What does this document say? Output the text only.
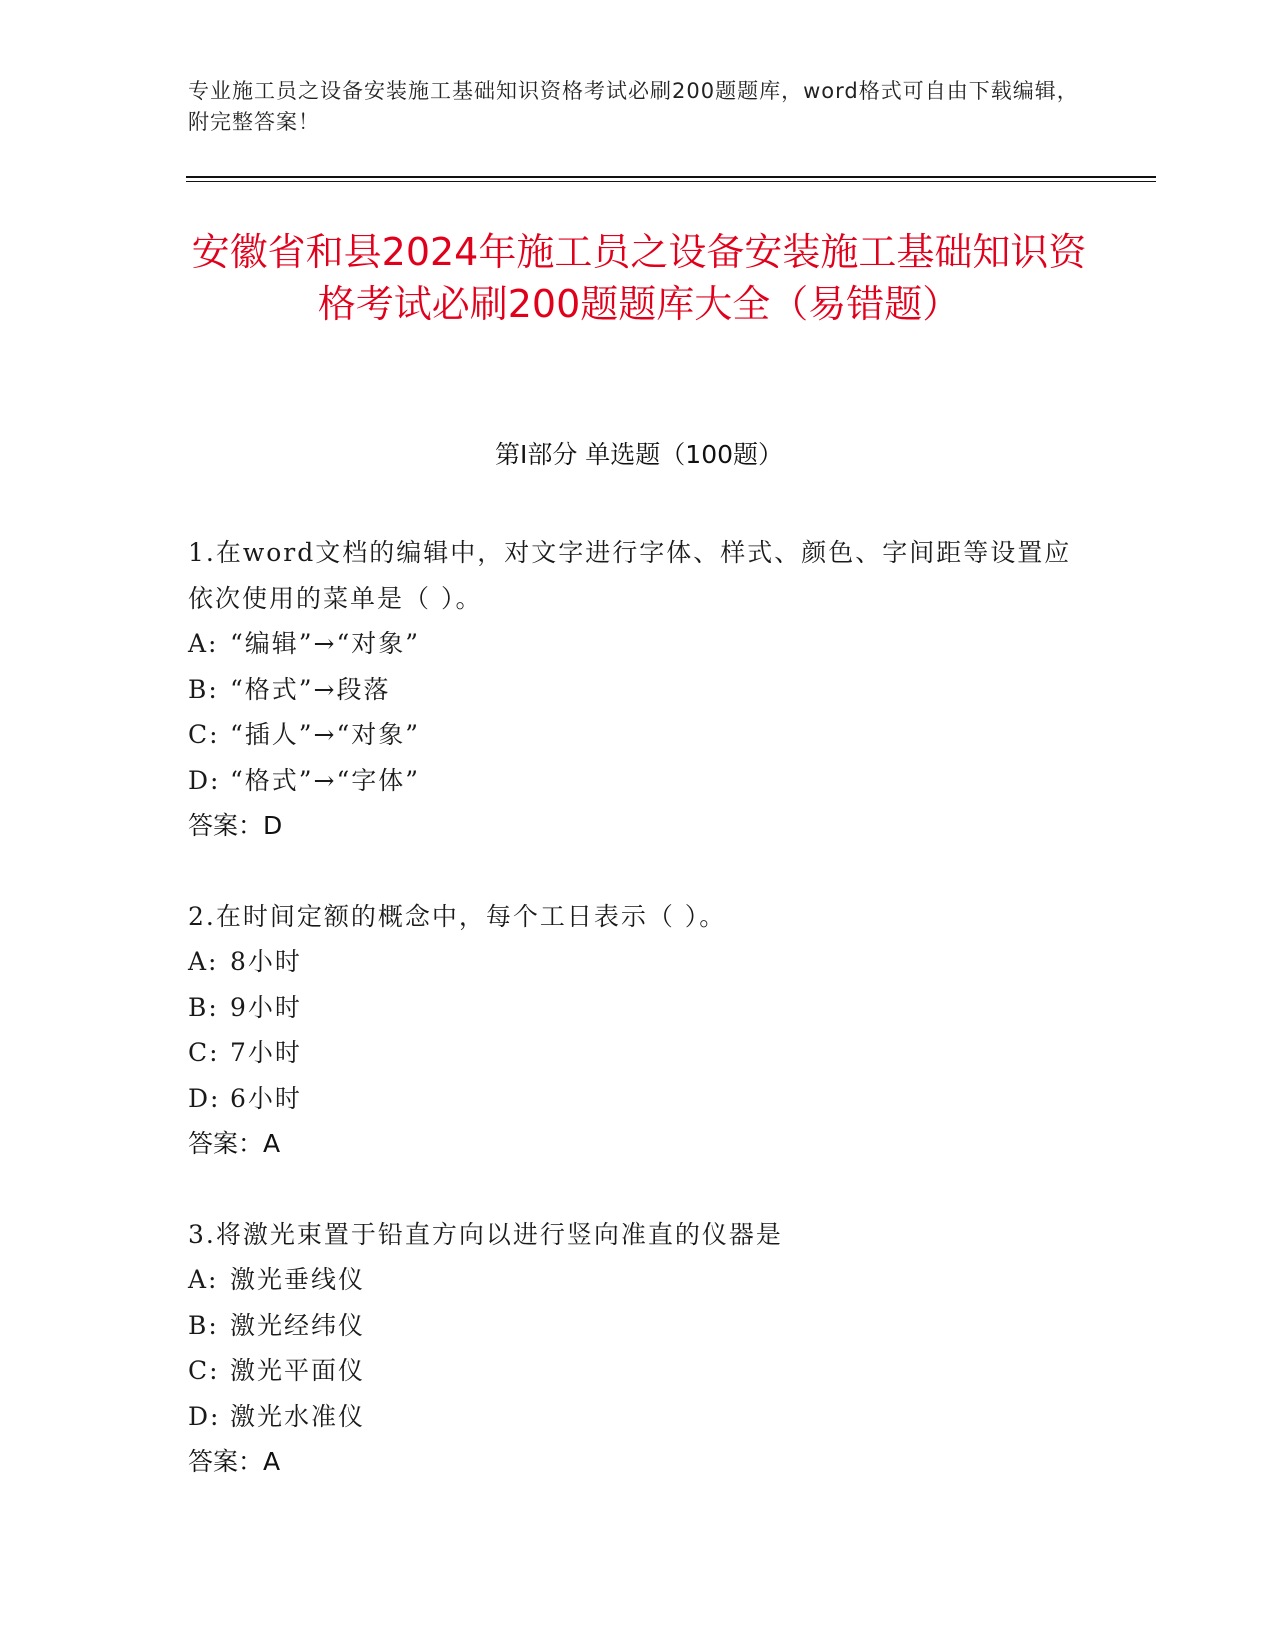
专业施工员之设备安装施工基础知识资格考试必刷200题题库，word格式可自由下载编辑，附完整答案！
安徽省和县2024年施工员之设备安装施工基础知识资格考试必刷200题题库大全（易错题）
第I部分 单选题（100题）
1.在word文档的编辑中，对文字进行字体、样式、颜色、字间距等设置应依次使用的菜单是（ ）。
A: “编辑”→“对象”
B: “格式”→段落
C: “插人”→“对象”
D: “格式”→“字体”
答案：D
2.在时间定额的概念中，每个工日表示（ ）。
A: 8小时
B: 9小时
C: 7小时
D: 6小时
答案：A
3.将激光束置于铅直方向以进行竖向准直的仪器是
A: 激光垂线仪
B: 激光经纬仪
C: 激光平面仪
D: 激光水准仪
答案：A
